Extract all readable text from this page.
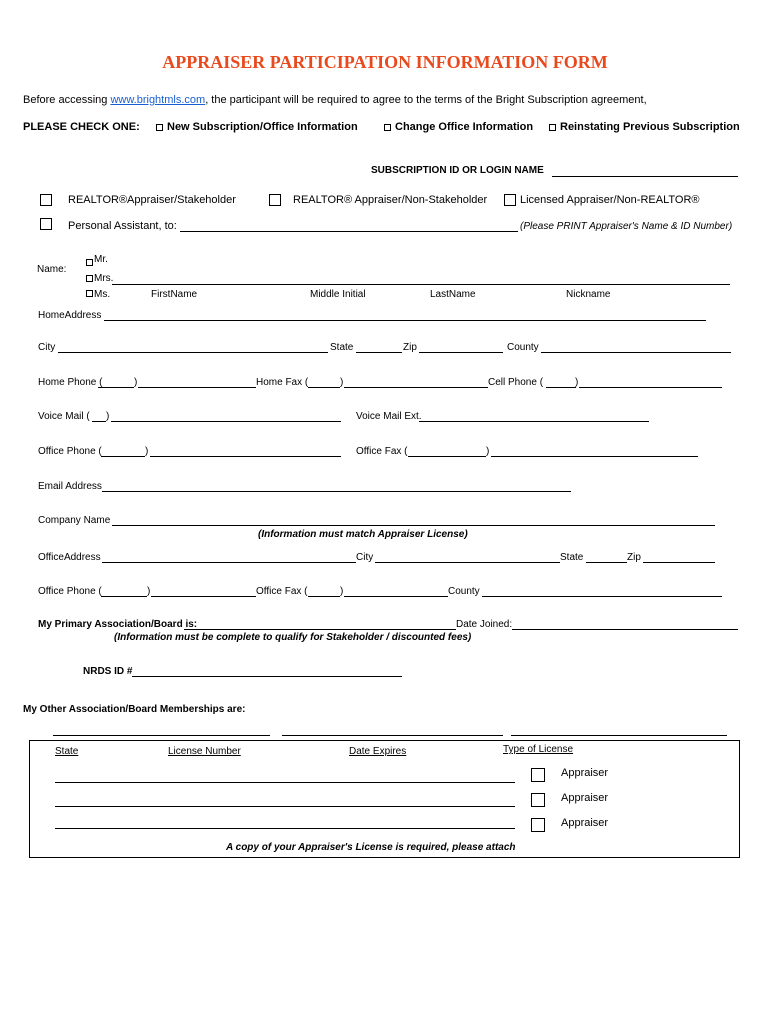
APPRAISER PARTICIPATION INFORMATION FORM
Before accessing www.brightmls.com, the participant will be required to agree to the terms of the Bright Subscription agreement,
PLEASE CHECK ONE: New Subscription/Office Information	Change Office Information Reinstating Previous Subscription
SUBSCRIPTION ID OR LOGIN NAME
REALTOR®Appraiser/Stakeholder	REALTOR® Appraiser/Non-Stakeholder	Licensed Appraiser/Non-REALTOR®
Personal Assistant, to:	(Please PRINT Appraiser's Name & ID Number)
Name:
Mr.
Mrs.
Ms.	FirstName	Middle Initial	LastName	Nickname
HomeAddress
City	State	Zip	County
Home Phone (	)	Home Fax (	)	Cell Phone (	)
Voice Mail ( )	Voice Mail Ext.
Office Phone (	)	Office Fax (	)
Email Address
Company Name
(Information must match Appraiser License)
OfficeAddress	City	State	Zip
Office Phone (	)	Office Fax (	)	County
My Primary Association/Board is:	Date Joined:
(Information must be complete to qualify for Stakeholder / discounted fees)
NRDS ID #
My Other Association/Board Memberships are:
State	License Number	Date Expires	Type of License
Appraiser
Appraiser
Appraiser
A copy of your Appraiser's License is required, please attach
